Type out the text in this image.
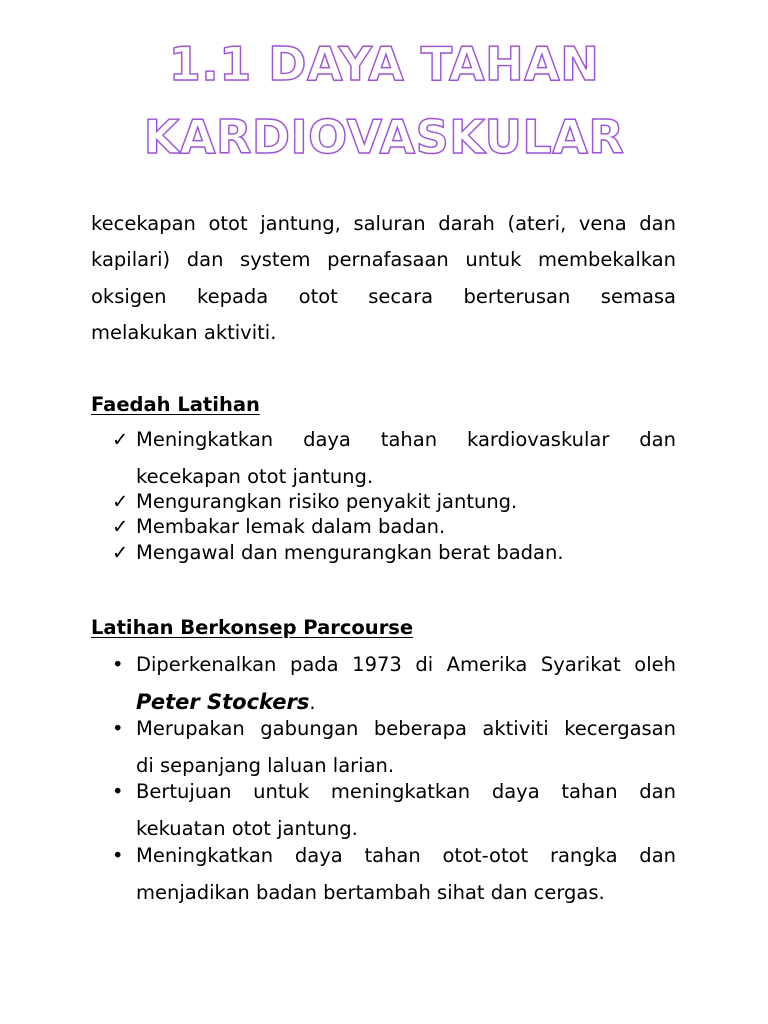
1.1 DAYA TAHAN
KARDIOVASKULAR
kecekapan otot jantung, saluran darah (ateri, vena dan
kapilari) dan system pernafasaan untuk membekalkan
oksigen kepada otot secara berterusan semasa
melakukan aktiviti.
Faedah Latihan
✓ Meningkatkan daya tahan kardiovaskular dan
kecekapan otot jantung.
✓ Mengurangkan risiko penyakit jantung.
✓ Membakar lemak dalam badan.
✓ Mengawal dan mengurangkan berat badan.
Latihan Berkonsep Parcourse
• Diperkenalkan pada 1973 di Amerika Syarikat oleh
Peter Stockers.
• Merupakan gabungan beberapa aktiviti kecergasan
di sepanjang laluan larian.
• Bertujuan untuk meningkatkan daya tahan dan
kekuatan otot jantung.
• Meningkatkan daya tahan otot-otot rangka dan
menjadikan badan bertambah sihat dan cergas.
